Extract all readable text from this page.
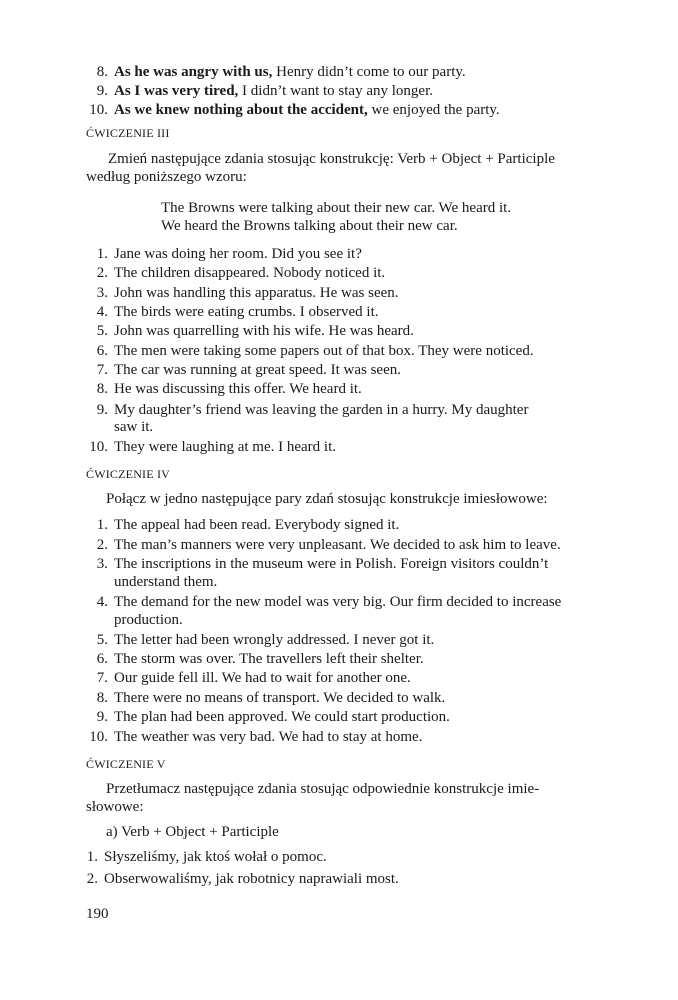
8. As he was angry with us, Henry didn’t come to our party.
9. As I was very tired, I didn’t want to stay any longer.
10. As we knew nothing about the accident, we enjoyed the party.
ĆWICZENIE III
Zmień następujące zdania stosując konstrukcję: Verb + Object + Participle
według poniższego wzoru:
The Browns were talking about their new car. We heard it.
We heard the Browns talking about their new car.
1. Jane was doing her room. Did you see it?
2. The children disappeared. Nobody noticed it.
3. John was handling this apparatus. He was seen.
4. The birds were eating crumbs. I observed it.
5. John was quarrelling with his wife. He was heard.
6. The men were taking some papers out of that box. They were noticed.
7. The car was running at great speed. It was seen.
8. He was discussing this offer. We heard it.
9. My daughter’s friend was leaving the garden in a hurry. My daughter
saw it.
10. They were laughing at me. I heard it.
ĆWICZENIE IV
Połącz w jedno następujące pary zdań stosując konstrukcje imiesłowowe:
1. The appeal had been read. Everybody signed it.
2. The man’s manners were very unpleasant. We decided to ask him to leave.
3. The inscriptions in the museum were in Polish. Foreign visitors couldn’t
understand them.
4. The demand for the new model was very big. Our firm decided to increase
production.
5. The letter had been wrongly addressed. I never got it.
6. The storm was over. The travellers left their shelter.
7. Our guide fell ill. We had to wait for another one.
8. There were no means of transport. We decided to walk.
9. The plan had been approved. We could start production.
10. The weather was very bad. We had to stay at home.
ĆWICZENIE V
Przetłumacz następujące zdania stosując odpowiednie konstrukcje imie-
słowowe:
a) Verb + Object + Participle
1. Słyszeliśmy, jak ktoś wołał o pomoc.
2. Obserwowaliśmy, jak robotnicy naprawiali most.
190
